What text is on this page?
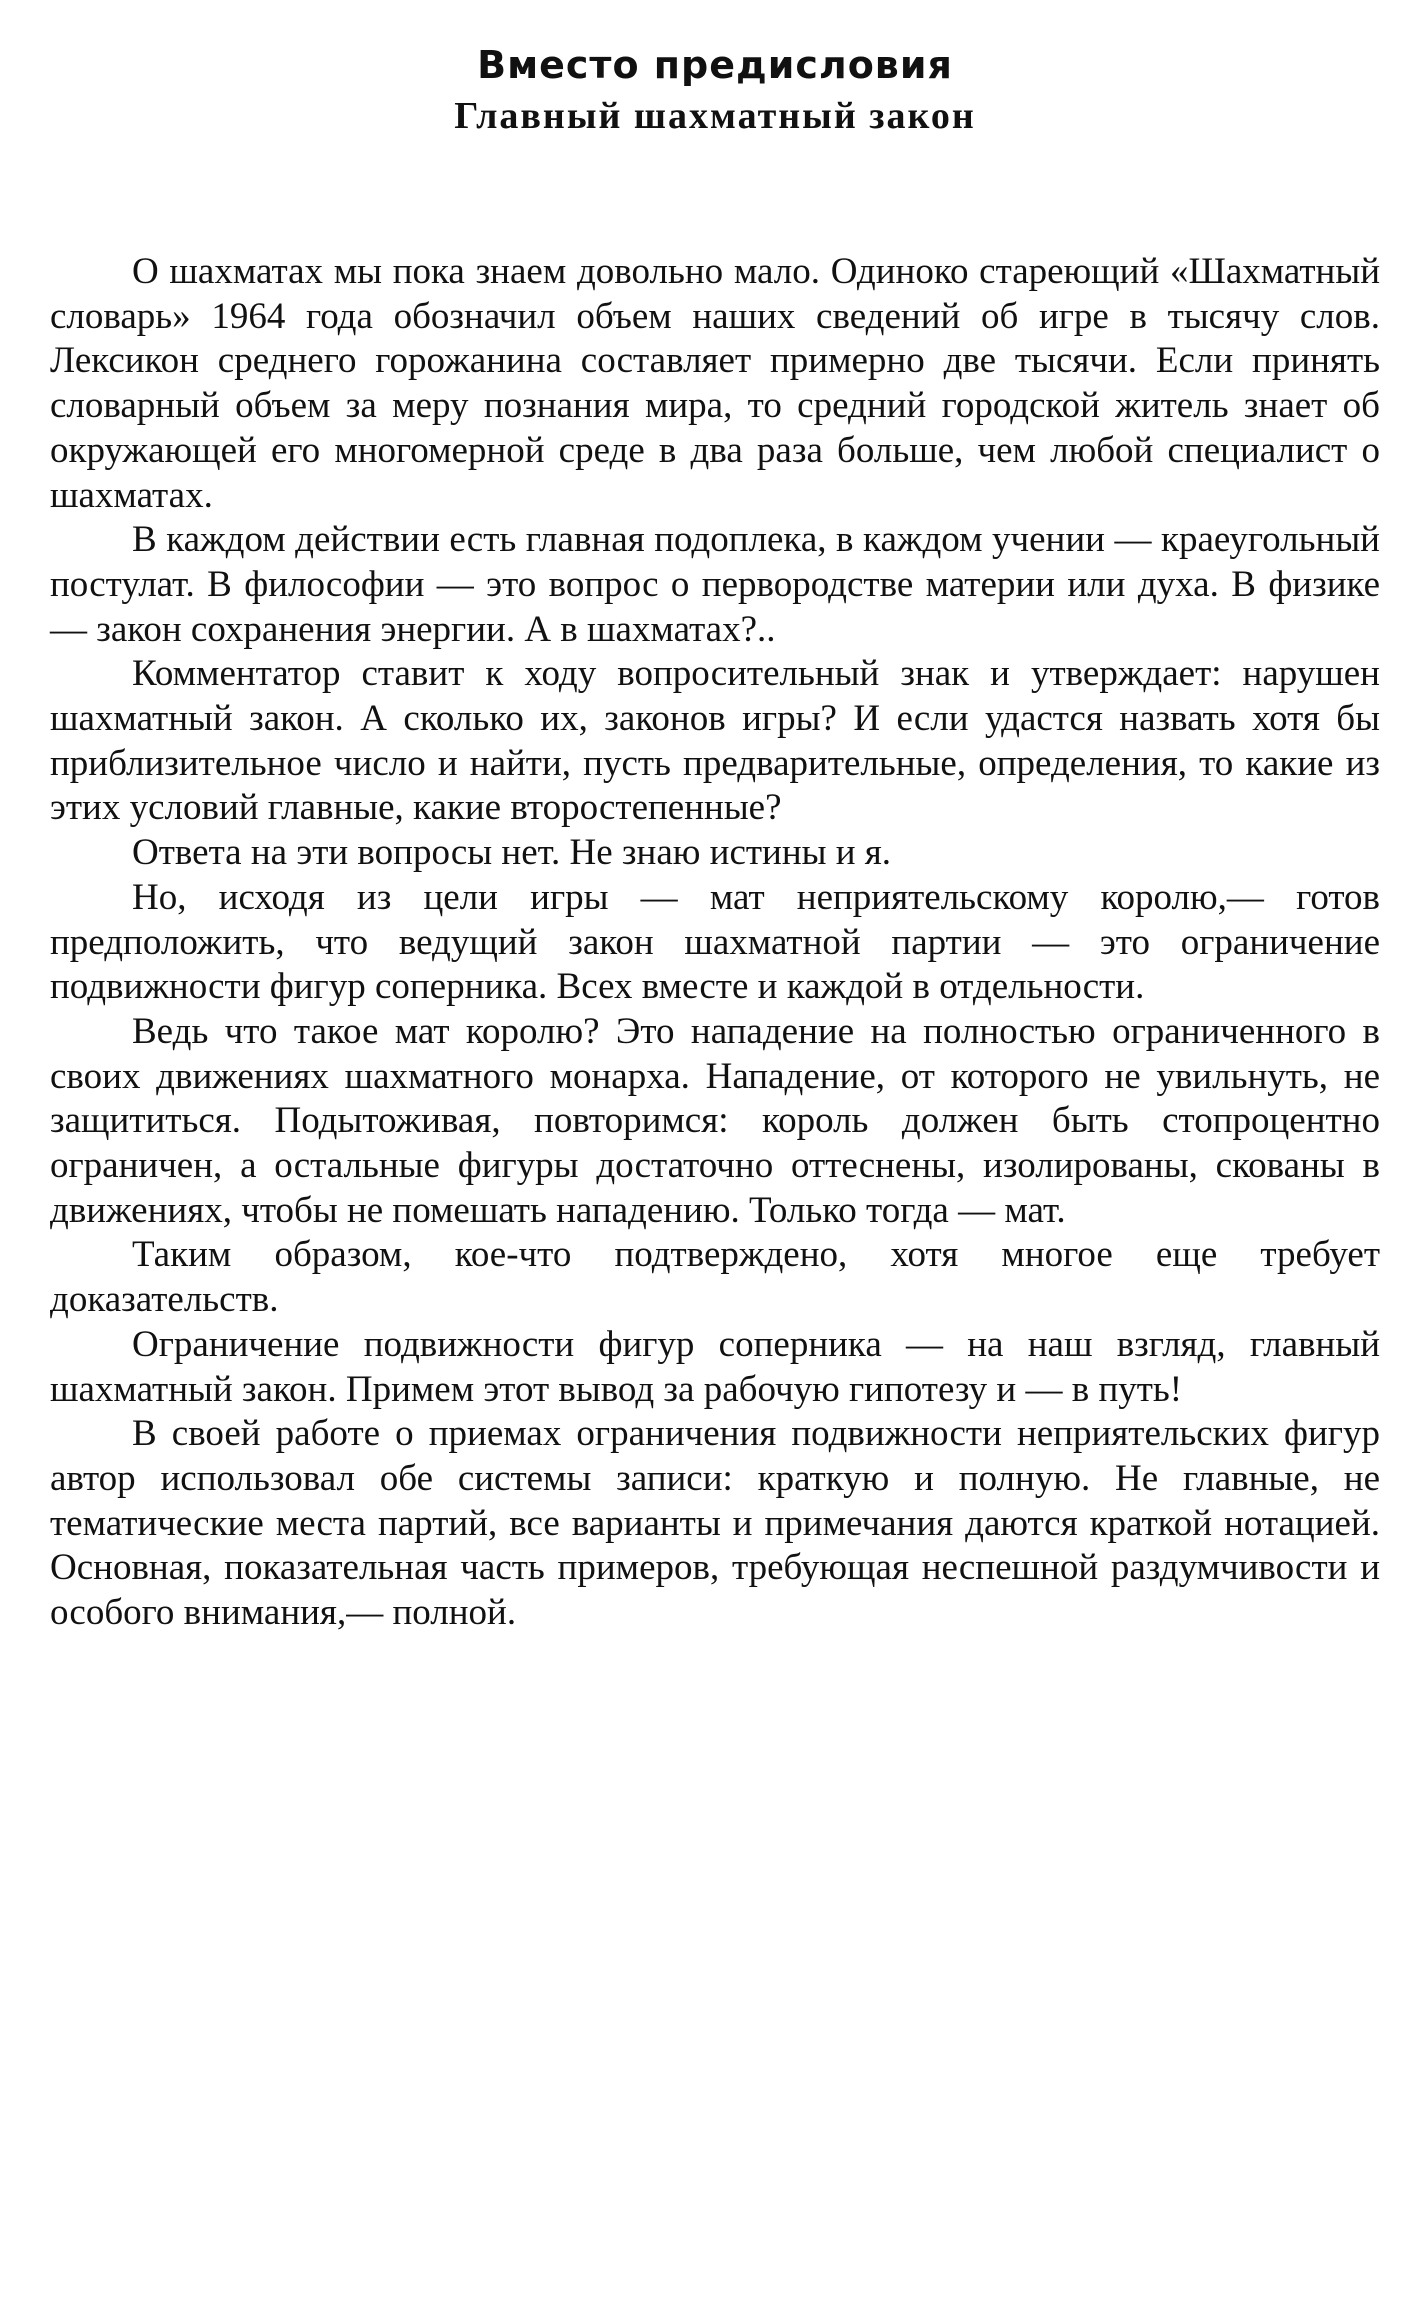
Вместо предисловия
Главный шахматный закон

О шахматах мы пока знаем довольно мало. Одиноко стареющий «Шахматный словарь» 1964 года обозначил объем наших сведений об игре в тысячу слов. Лексикон среднего горожанина составляет примерно две тысячи. Если принять словарный объем за меру познания мира, то средний городской житель знает об окружающей его многомерной среде в два раза больше, чем любой специалист о шахматах.

В каждом действии есть главная подоплека, в каждом учении — краеугольный постулат. В философии — это вопрос о первородстве материи или духа. В физике — закон сохранения энергии. А в шахматах?..

Комментатор ставит к ходу вопросительный знак и утверждает: нарушен шахматный закон. А сколько их, законов игры? И если удастся назвать хотя бы приблизительное число и найти, пусть предварительные, определения, то какие из этих условий главные, какие второстепенные?

Ответа на эти вопросы нет. Не знаю истины и я.

Но, исходя из цели игры — мат неприятельскому королю,— готов предположить, что ведущий закон шахматной партии — это ограничение подвижности фигур соперника. Всех вместе и каждой в отдельности.

Ведь что такое мат королю? Это нападение на полностью ограниченного в своих движениях шахматного монарха. Нападение, от которого не увильнуть, не защититься. Подытоживая, повторимся: король должен быть стопроцентно ограничен, а остальные фигуры достаточно оттеснены, изолированы, скованы в движениях, чтобы не помешать нападению. Только тогда — мат.

Таким образом, кое-что подтверждено, хотя многое еще требует доказательств.

Ограничение подвижности фигур соперника — на наш взгляд, главный шахматный закон. Примем этот вывод за рабочую гипотезу и — в путь!

В своей работе о приемах ограничения подвижности неприятельских фигур автор использовал обе системы записи: краткую и полную. Не главные, не тематические места партий, все варианты и примечания даются краткой нотацией. Основная, показательная часть примеров, требующая неспешной раздумчивости и особого внимания,— полной.
